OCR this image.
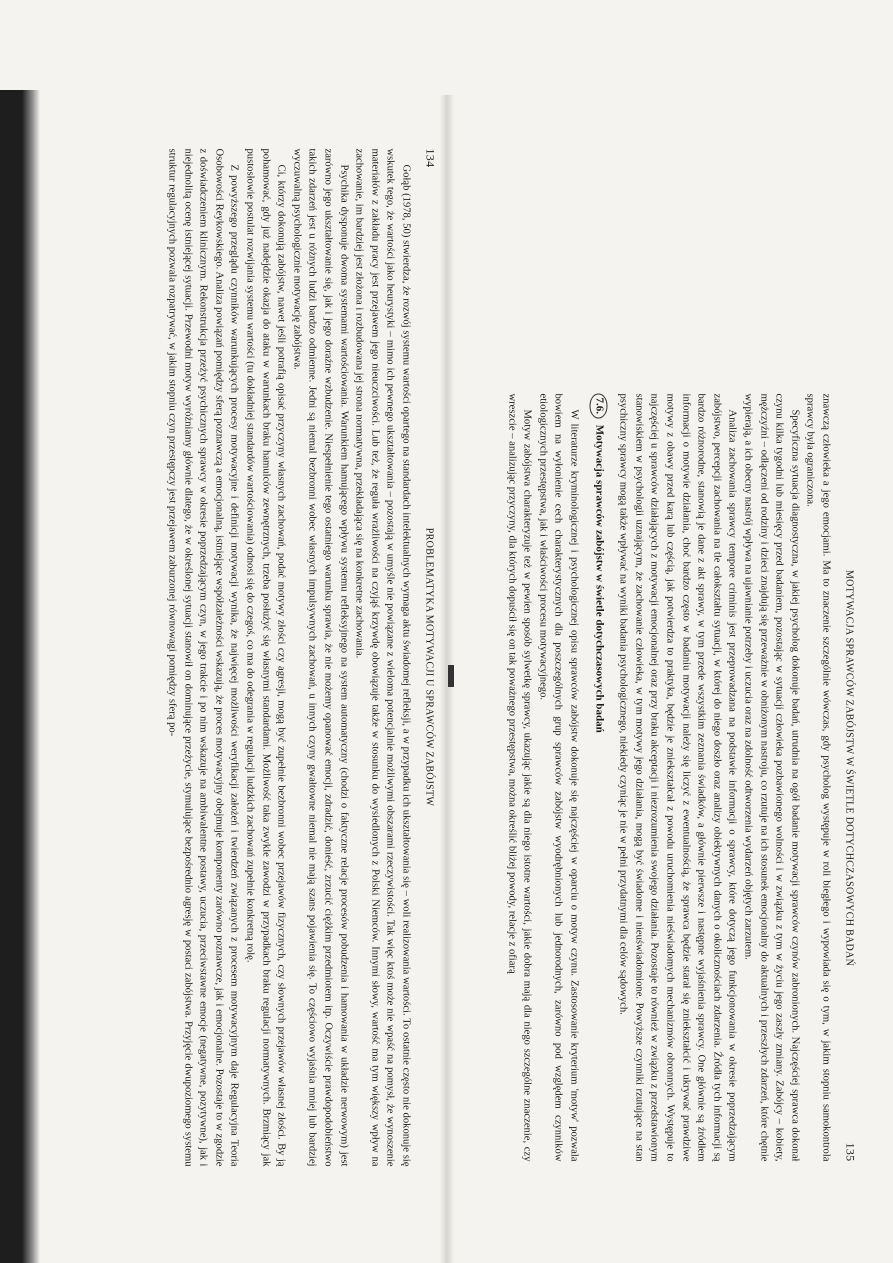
134
PROBLEMATYKA MOTYWACJI U SPRAWCÓW ZABÓJSTW

Gołąb (1978, 50) stwierdza, że rozwój systemu wartości opartego na standardach intelektualnych wymaga aktu świadomej refleksji, a w przypadku ich ukształtowania się – woli realizowania wartości. To ostatnie często nie dokonuje się wskutek tego, że wartości jako heurystyki – mimo ich pewnego ukształtowania – pozostają w umyśle nie powiązane z wieloma potencjalnie możliwymi obszarami rzeczywistości. Tak więc ktoś może nie wpaść na pomysł, że wynoszenie materiałów z zakładu pracy jest przejawem jego nieuczciwości. Lub też, że reguła wrażliwości na czyjąś krzywdę obowiązuje także w stosunku do wysiedlonych z Polski Niemców. Innymi słowy, wartość ma tym większy wpływ na zachowanie, im bardziej jest złożona i rozbudowana jej strona normatywna, przekładająca się na konkretne zachowania.

Psychika dysponuje dwoma systemami wartościowania. Warunkiem hamującego wpływu systemu refleksyjnego na system automatyczny (chodzi o faktyczne relacje procesów pobudzenia i hamowania w układzie nerwowym) jest zarówno jego ukształtowanie się, jak i jego doraźne wzbudzenie. Niespełnienie tego ostatniego warunku sprawia, że nie możemy opanować emocji, zdradzić, donieść, zrzucić ciężkim przedmiotem itp. Oczywiście prawdopodobieństwo takich zdarzeń jest u różnych ludzi bardzo odmienne. Jedni są niemal bezbronni wobec własnych impulsywnych zachowań, u innych czyny gwałtowne niemal nie mają szans pojawienia się. To częściowo wyjaśnia mniej lub bardziej wyczuwalną psychologicznie motywację zabójstwa.

Ci, którzy dokonują zabójstw, nawet jeśli potrafią opisać przyczyny własnych zachowań, podać motywy złości czy agresji, mogą być zupełnie bezbronni wobec przejawów fizycznych, czy słownych przejawów własnej złości. By ją pohamować, gdy już nadejdzie okazja do ataku w warunkach braku hamulców zewnętrznych, trzeba posłużyć się własnymi standardami. Możliwość taka zwykle zawodzi w przypadkach braku regulacji normatywnych. Brzmiący jak pustosłowie postulat rozwijania systemu wartości (tu dokładniej standardów wartościowania) odnosi się do czegoś, co ma do odegrania w regulacji ludzkich zachowań zupełnie konkretną rolę.

Z powyższego przeglądu czynników warunkujących procesy motywacyjne i definicji motywacji wynika, że najwięcej możliwości weryfikacji założeń i twierdzeń związanych z procesem motywacyjnym daje Regulacyjna Teoria Osobowości Reykowskiego. Analiza powiązań pomiędzy sferą poznawczą a emocjonalną, istniejące współzależności wskazują, że proces motywacyjny obejmuje komponenty zarówno poznawcze, jak i emocjonalne. Pozostaje to w zgodzie z doświadczeniem klinicznym. Rekonstrukcja przeżyć psychicznych sprawcy w okresie poprzedzającym czyn, w jego trakcie i po nim wskazuje na ambiwalentne postawy, uczucia, przeciwstawne emocje (negatywne, pozytywne), jak i niejednolitą ocenę istniejącej sytuacji. Przewodni motyw wyróżniamy głównie dlatego, że w określonej sytuacji stanowił on dominujące przeżycie, stymulujące bezpośrednio agresję w postaci zabójstwa. Przyjęcie dwupoziomego systemu struktur regulacyjnych pozwala rozpatrywać, w jakim stopniu czyn przestępczy jest przejawem zaburzonej równowagi pomiędzy sferą po-

MOTYWACJA SPRAWCÓW ZABÓJSTW W ŚWIETLE DOTYCHCZASOWYCH BADAŃ
135

znawczą człowieka a jego emocjami. Ma to znaczenie szczególnie wówczas, gdy psycholog występuje w roli biegłego i wypowiada się o tym, w jakim stopniu samokontrola sprawcy była ograniczona.

Specyficzna sytuacja diagnostyczna, w jakiej psycholog dokonuje badań, utrudnia na ogół badanie motywacji sprawców czynów zabronionych. Najczęściej sprawca dokonał czynu kilka tygodni lub miesięcy przed badaniem, pozostając w sytuacji człowieka pozbawionego wolności i w związku z tym w życiu jego zaszły zmiany. Zabójcy – kobiety, mężczyźni – odłączeni od rodziny i dzieci znajdują się przeważnie w obniżonym nastroju, co rzutuje na ich stosunek emocjonalny do aktualnych i przeszłych zdarzeń, które chętnie wypierają, a ich obecny nastrój wpływa na ujawnianie potrzeby i uczucia oraz na zdolność odtworzenia wydarzeń objętych zarzutem.

Analiza zachowania sprawcy tempore criminis jest przeprowadzana na podstawie informacji o sprawcy, które dotyczą jego funkcjonowania w okresie poprzedzającym zabójstwo, percepcji zachowania na tle całokształtu sytuacji, w której do niego doszło oraz analizy obiektywnych danych o okolicznościach zdarzenia. Źródła tych informacji są bardzo różnorodne, stanowią je dane z akt sprawy, w tym przede wszystkim zeznania świadków, a głównie pierwsze i następne wyjaśnienia sprawcy. One głównie są źródłem informacji o motywie działania, choć bardzo często w badaniu motywacji należy się liczyć z ewentualnością, że sprawca będzie starał się zniekształcić i ukrywać prawdziwe motywy z obawy przed karą lub częścią, jak potwierdza to praktyka, będzie je zniekształcał z powodu uruchomienia nieświadomych mechanizmów obronnych. Występuje to najczęściej u sprawców działających z motywacji emocjonalnej oraz przy braku akceptacji i niezrozumienia swojego działania. Pozostaje to również w związku z przedstawionym stanowiskiem w psychologii uznającym, że zachowanie człowieka, w tym motywy jego działania, mogą być świadome i nieuświadomione. Powyższe czynniki rzutujące na stan psychiczny sprawcy mogą także wpływać na wyniki badania psychologicznego, niekiedy czyniąc je nie w pełni przydatnymi dla celów sądowych.

7.6. Motywacja sprawców zabójstw w świetle dotychczasowych badań

W literaturze kryminologicznej i psychologicznej opisu sprawców zabójstw dokonuje się najczęściej w oparciu o motyw czynu. Zastosowanie kryterium 'motyw' pozwala bowiem na wyłonienie cech charakterystycznych dla poszczególnych grup sprawców zabójstw wyodrębnionych lub jednorodnych, zarówno pod względem czynników etiologicznych przestępstwa, jak i właściwości procesu motywacyjnego.

Motyw zabójstwa charakteryzuje też w pewien sposób sylwetkę sprawcy, ukazując jakie są dla niego istotne wartości, jakie dobra mają dla niego szczególne znaczenie, czy wreszcie – analizując przyczyny, dla których dopuścił się on tak poważnego przestępstwa, można określić bliżej powody, relacje z ofiarą
